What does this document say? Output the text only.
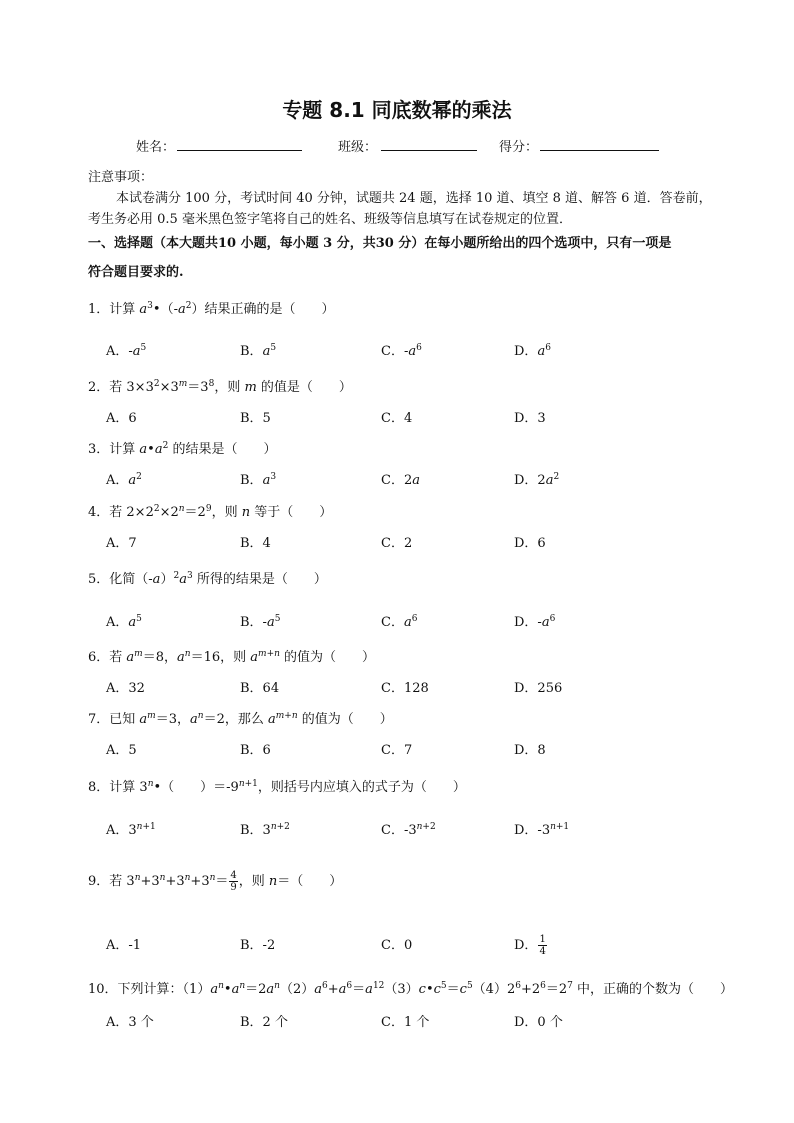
专题 8.1 同底数幂的乘法
姓名：	班级：	得分：
注意事项：
本试卷满分 100 分，考试时间 40 分钟，试题共 24 题，选择 10 道、填空 8 道、解答 6 道．答卷前，
考生务必用 0.5 毫米黑色签字笔将自己的姓名、班级等信息填写在试卷规定的位置．
一、选择题（本大题共10 小题，每小题 3 分，共30 分）在每小题所给出的四个选项中，只有一项是
符合题目要求的.
1．计算 $a^3•(-a^2)$结果正确的是（　　）
A．$-a^5$	B．$a^5$	C．$-a^6$	D．$a^6$
2．若 $3\times 3^2\times 3^m=3^8$，则 m 的值是（　　）
A．6	B．5	C．4	D．3
3．计算 $a•a^2$ 的结果是（　　）
A．$a^2$	B．$a^3$	C．2a	D．$2a^2$
4．若 $2\times 2^2\times 2^n=2^9$，则 n 等于（　　）
A．7	B．4	C．2	D．6
5．化简$(-a)^2a^3$ 所得的结果是（　　）
A．$a^5$	B．$-a^5$	C．$a^6$	D．$-a^6$
6．若 $a^m=8$，$a^n=16$，则 $a^{m+n}$ 的值为（　　）
A．32	B．64	C．128	D．256
7．已知 $a^m=3$，$a^n=2$，那么 $a^{m+n}$ 的值为（　　）
A．5	B．6	C．7	D．8
8．计算 3$^n$•（　　）$=-9^{n+1}$，则括号内应填入的式子为（　　）
A．$3^{n+1}$	B．$3^{n+2}$	C．$-3^{n+2}$	D．$-3^{n+1}$
9．若 $3^n+3^n+3^n+3^n= \frac{4}{9}$ ，则 n＝（　　）
A．-1	B．-2	C．0	D． $\frac{1}{4}$
10．下列计算：$(1)a^n•a^n=2a^n(2)a^6+a^6=a^{12}(3)c•c^5=c^5(4)2^6+2^6=2^7$ 中，正确的个数为（　　）
A．3 个	B．2 个	C．1 个	D．0 个
